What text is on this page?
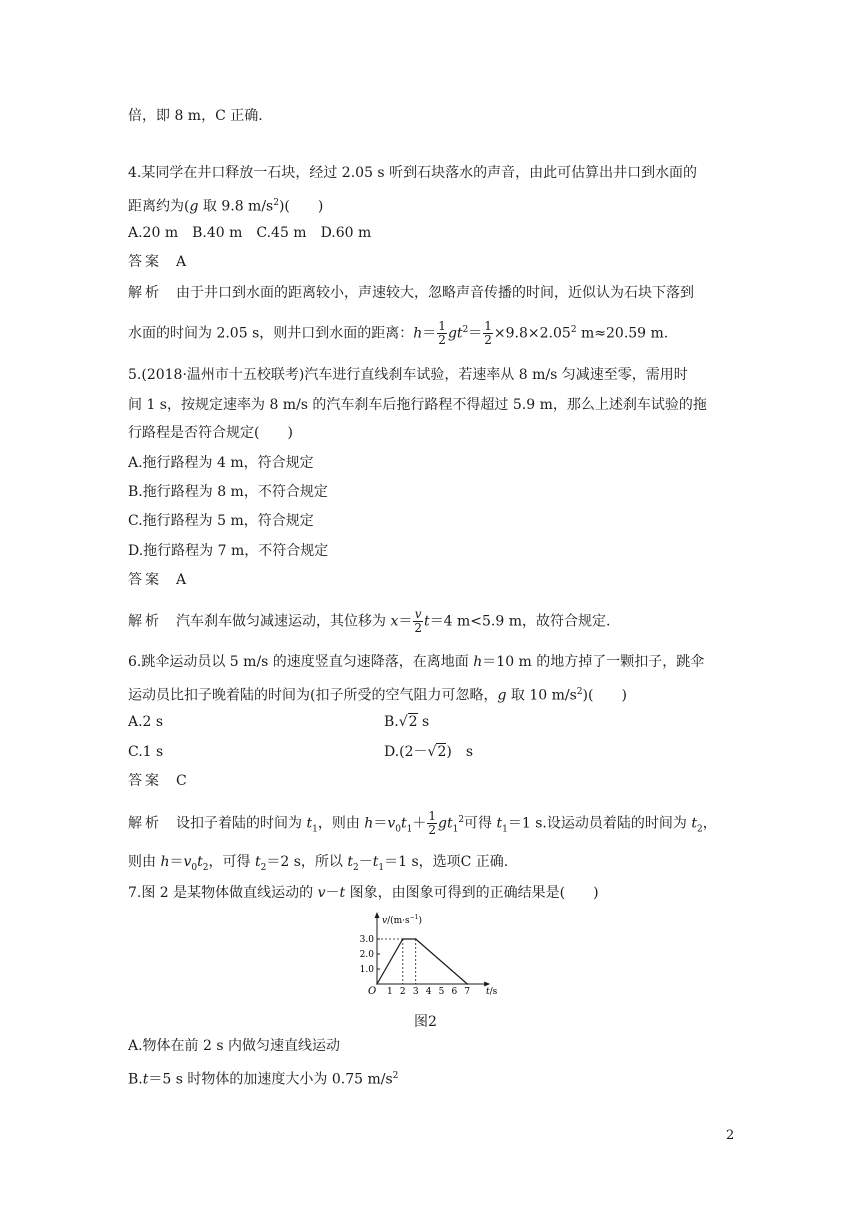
倍，即 8 m，C 正确.
4.某同学在井口释放一石块，经过 2.05 s 听到石块落水的声音，由此可估算出井口到水面的
距离约为(g 取 9.8 $m/s^2$)(　　)
A.20 m　B.40 m　C.45 m　D.60 m
答案 A
解析 由于井口到水面的距离较小，声速较大，忽略声音传播的时间，近似认为石块下落到
水面的时间为 2.05 s，则井口到水面的距离：$h= \frac{1}{2} gt^2= \frac{1}{2} \times 9.8\times 2.05^2$ m≈20.59 m.
5.(2018·温州市十五校联考)汽车进行直线刹车试验，若速率从 8 m/s 匀减速至零，需用时
间 1 s，按规定速率为 8 m/s 的汽车刹车后拖行路程不得超过 5.9 m，那么上述刹车试验的拖
行路程是否符合规定(　　)
A.拖行路程为 4 m，符合规定
B.拖行路程为 8 m，不符合规定
C.拖行路程为 5 m，符合规定
D.拖行路程为 7 m，不符合规定
答案 A
解析 汽车刹车做匀减速运动，其位移为 $x= \frac{v}{2} t=4$ m<5.9 m，故符合规定.
6.跳伞运动员以 5 m/s 的速度竖直匀速降落，在离地面 h＝10 m 的地方掉了一颗扣子，跳伞
运动员比扣子晚着陆的时间为(扣子所受的空气阻力可忽略，g 取 10 $m/s^2$)(　　)
A.2 s	B.√2 s
C.1 s	D.(2－√2)　s
答案 C
解析 设扣子着陆的时间为 $t_1$，则由 $h=v_0t_1+ \frac{1}{2} gt_1^2$可得 $t_1=1$ s.设运动员着陆的时间为 $t_2$，
则由 $h=v_0t_2$，可得 $t_2=2$ s，所以 $t_2-t_1=1$ s，选项C 正确.
7.图 2 是某物体做直线运动的 v－t 图象，由图象可得到的正确结果是(　　)
$v/(m\cdot s^{-1})$
t/s
O 1 2 3 4 5 6 7
1.0
2.0
3.0
图2
A.物体在前 2 s 内做匀速直线运动
B.t＝5 s 时物体的加速度大小为 0.75 $m/s^2$
2
